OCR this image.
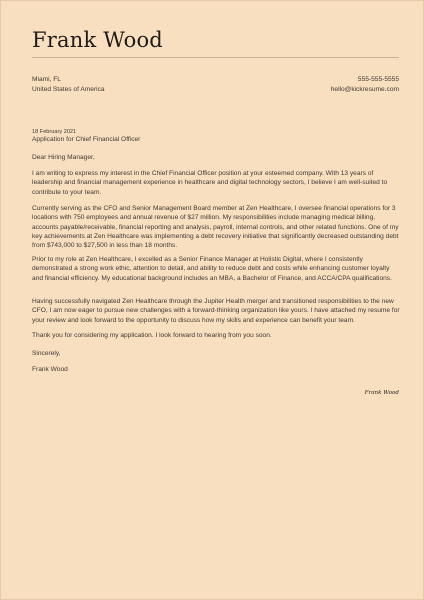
Frank Wood
Miami, FL
United States of America
555-555-5555
hello@kickresume.com
18 February 2021
Application for Chief Financial Officer
Dear Hiring Manager,

I am writing to express my interest in the Chief Financial Officer position at your esteemed company. With 13 years of leadership and financial management experience in healthcare and digital technology sectors, I believe I am well-suited to contribute to your team.

Currently serving as the CFO and Senior Management Board member at Zen Healthcare, I oversee financial operations for 3 locations with 750 employees and annual revenue of $27 million. My responsibilities include managing medical billing, accounts payable/receivable, financial reporting and analysis, payroll, internal controls, and other related functions. One of my key achievements at Zen Healthcare was implementing a debt recovery initiative that significantly decreased outstanding debt from $743,000 to $27,500 in less than 18 months.

Prior to my role at Zen Healthcare, I excelled as a Senior Finance Manager at Holistic Digital, where I consistently demonstrated a strong work ethic, attention to detail, and ability to reduce debt and costs while enhancing customer loyalty and financial efficiency. My educational background includes an MBA, a Bachelor of Finance, and ACCA/CPA qualifications.

Having successfully navigated Zen Healthcare through the Jupiter Health merger and transitioned responsibilities to the new CFO, I am now eager to pursue new challenges with a forward-thinking organization like yours. I have attached my resume for your review and look forward to the opportunity to discuss how my skills and experience can benefit your team.

Thank you for considering my application. I look forward to hearing from you soon.

Sincerely,
Frank Wood
Frank Wood
